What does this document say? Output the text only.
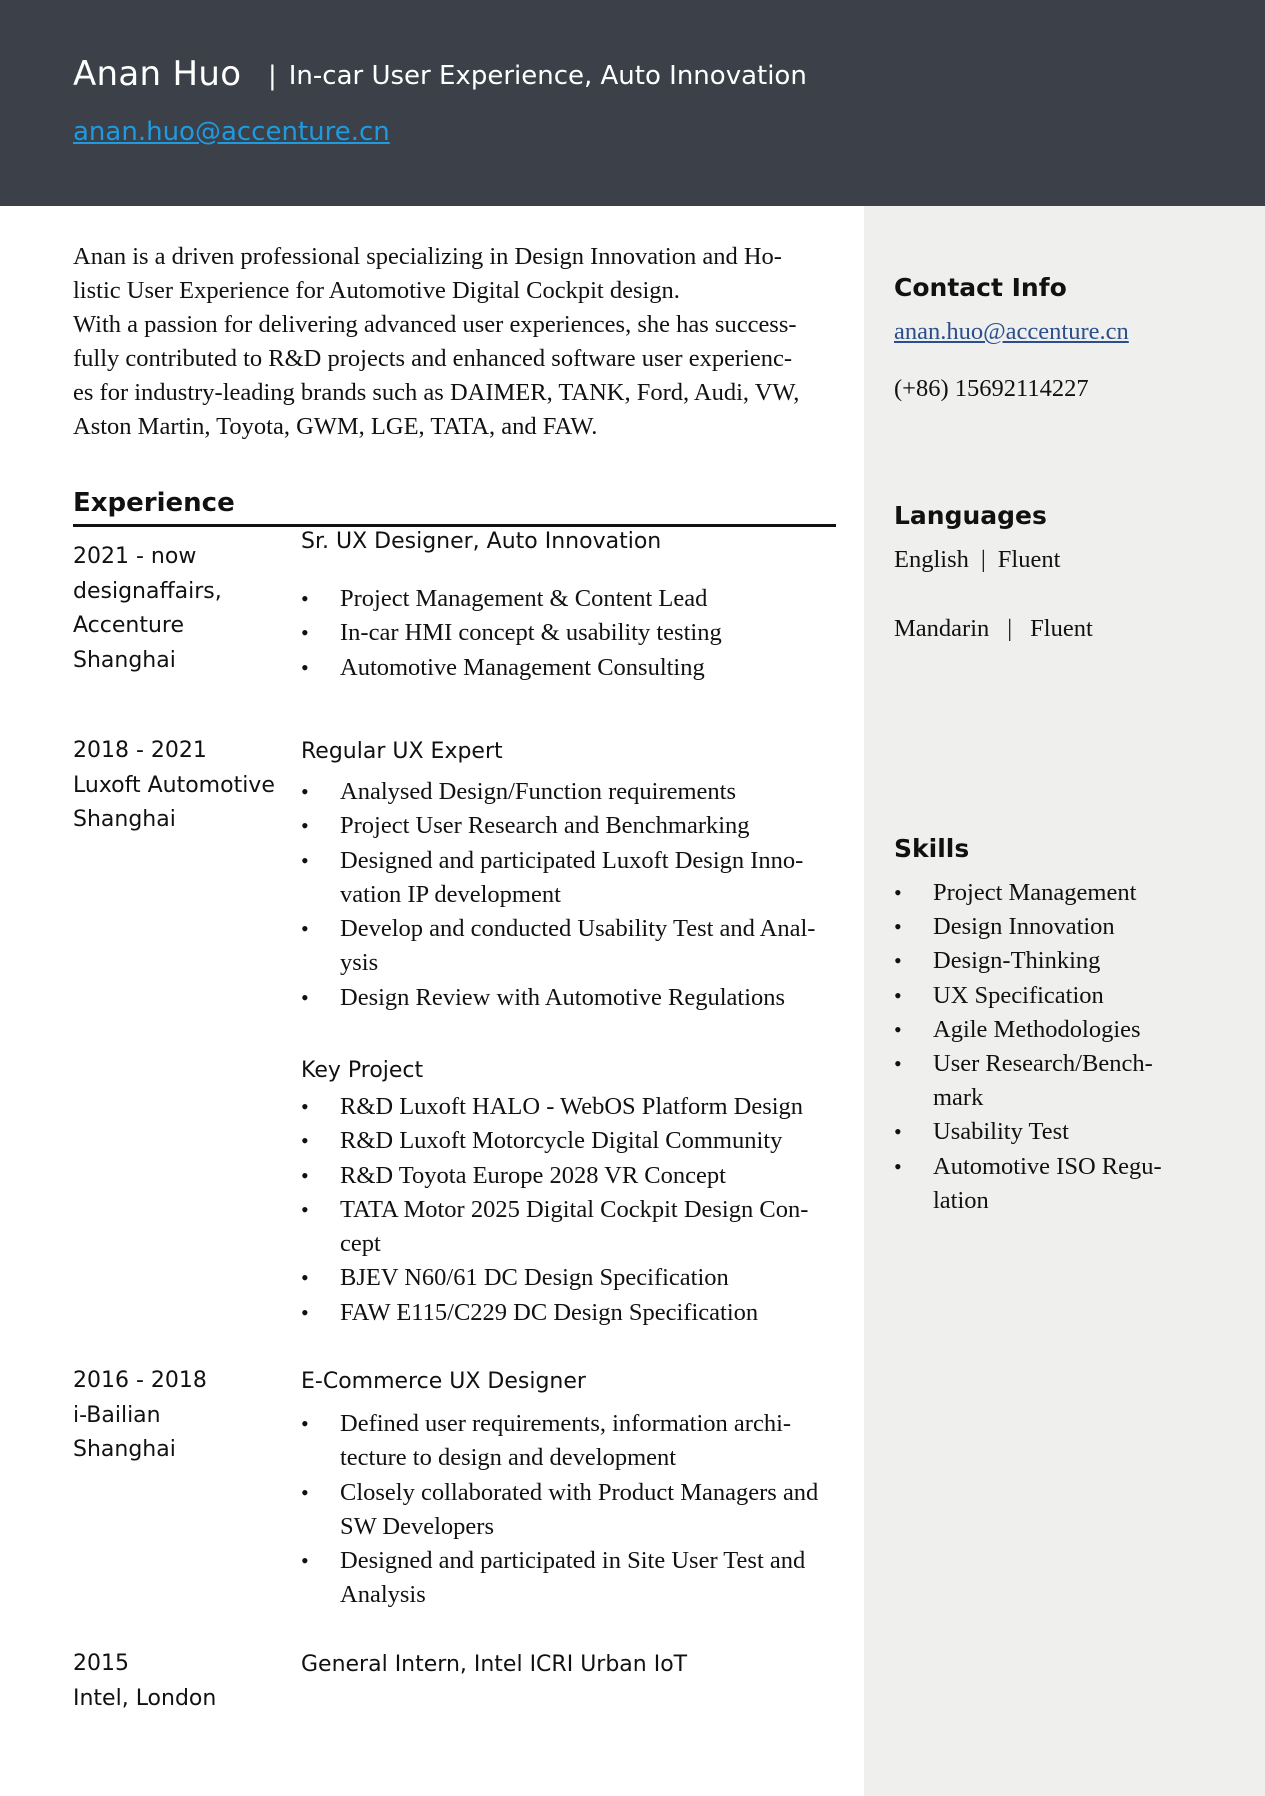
Anan Huo | In-car User Experience, Auto Innovation
anan.huo@accenture.cn
Anan is a driven professional specializing in Design Innovation and Ho-
listic User Experience for Automotive Digital Cockpit design.
With a passion for delivering advanced user experiences, she has success-
fully contributed to R&D projects and enhanced software user experienc-
es for industry-leading brands such as DAIMER, TANK, Ford, Audi, VW,
Aston Martin, Toyota, GWM, LGE, TATA, and FAW.
Experience
2021 - now
designaffairs,
Accenture
Shanghai
Sr. UX Designer, Auto Innovation
• Project Management & Content Lead
• In-car HMI concept & usability testing
• Automotive Management Consulting
2018 - 2021
Luxoft Automotive
Shanghai
Regular UX Expert
• Analysed Design/Function requirements
• Project User Research and Benchmarking
• Designed and participated Luxoft Design Inno-
vation IP development
• Develop and conducted Usability Test and Anal-
ysis
• Design Review with Automotive Regulations
Key Project
• R&D Luxoft HALO - WebOS Platform Design
• R&D Luxoft Motorcycle Digital Community
• R&D Toyota Europe 2028 VR Concept
• TATA Motor 2025 Digital Cockpit Design Con-
cept
• BJEV N60/61 DC Design Specification
• FAW E115/C229 DC Design Specification
2016 - 2018
i-Bailian
Shanghai
E-Commerce UX Designer
• Defined user requirements, information archi-
tecture to design and development
• Closely collaborated with Product Managers and
SW Developers
• Designed and participated in Site User Test and
Analysis
2015
Intel, London
General Intern, Intel ICRI Urban IoT
Contact Info
anan.huo@accenture.cn
(+86) 15692114227
Languages
English | Fluent
Mandarin | Fluent
Skills
• Project Management
• Design Innovation
• Design-Thinking
• UX Specification
• Agile Methodologies
• User Research/Bench-
mark
• Usability Test
• Automotive ISO Regu-
lation
